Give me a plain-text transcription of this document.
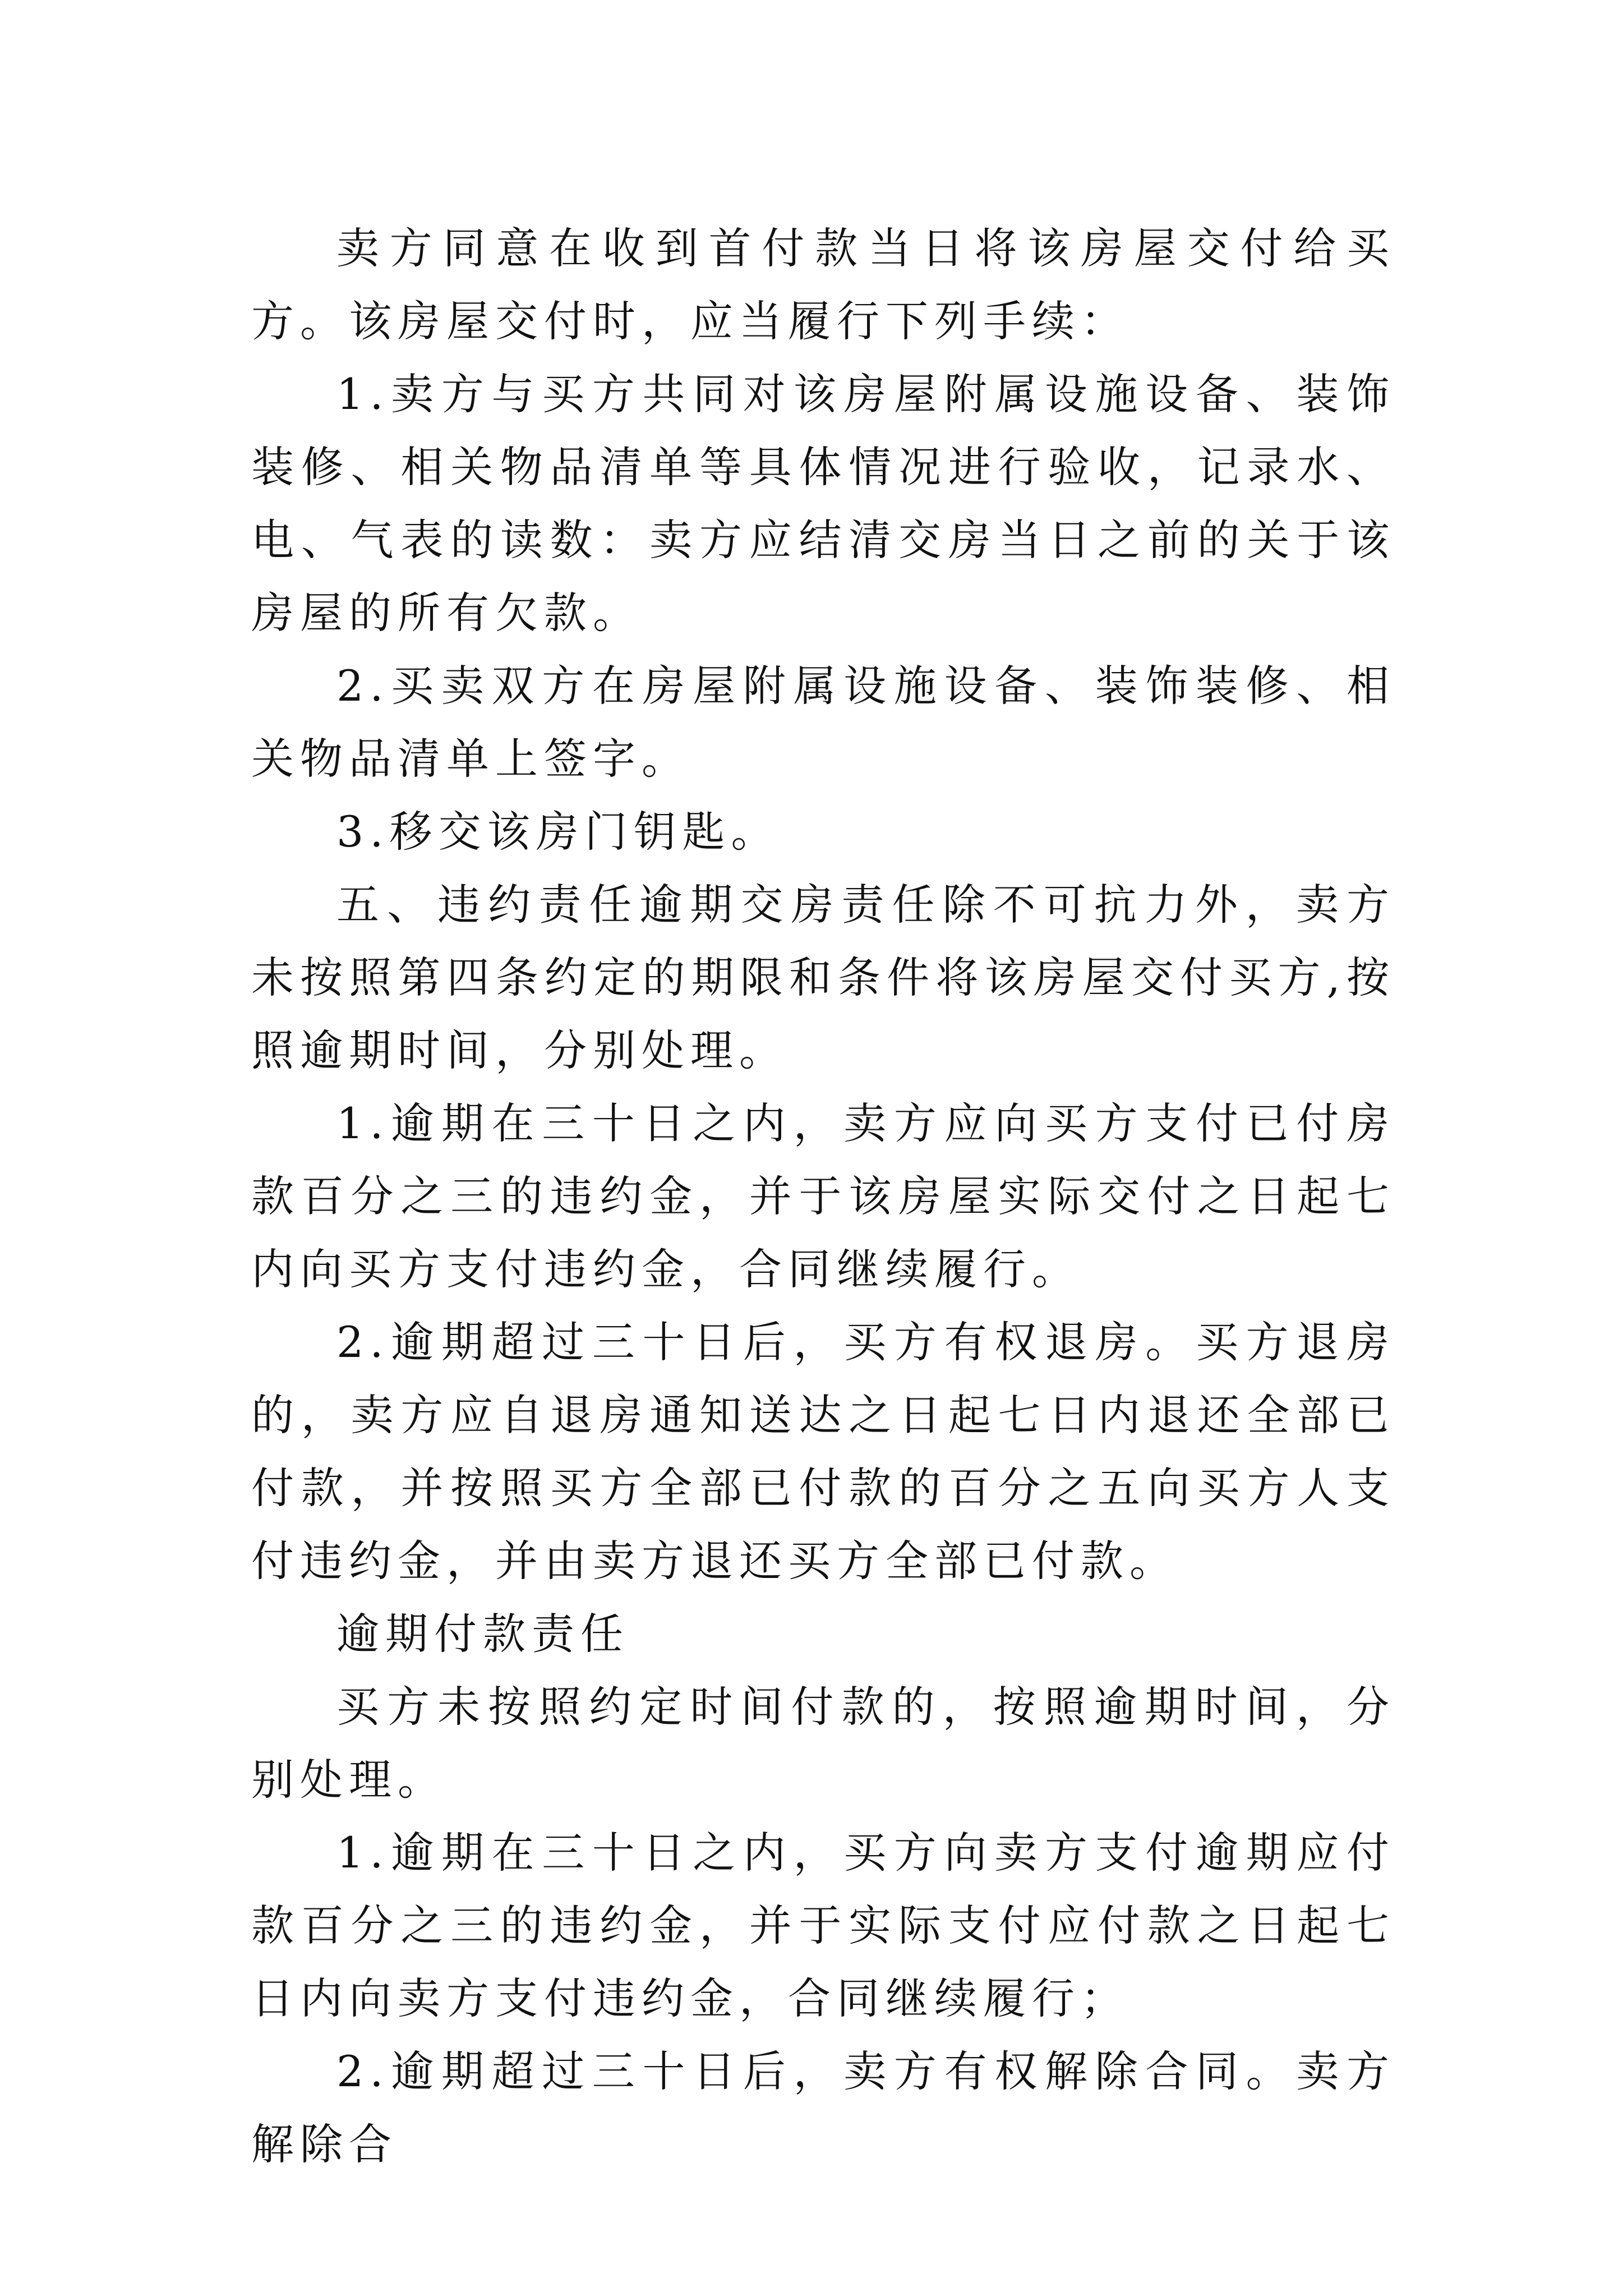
卖方同意在收到首付款当日将该房屋交付给买方。该房屋交付时，应当履行下列手续：

1.卖方与买方共同对该房屋附属设施设备、装饰装修、相关物品清单等具体情况进行验收，记录水、电、气表的读数：卖方应结清交房当日之前的关于该房屋的所有欠款。

2.买卖双方在房屋附属设施设备、装饰装修、相关物品清单上签字。

3.移交该房门钥匙。

五、违约责任逾期交房责任除不可抗力外，卖方未按照第四条约定的期限和条件将该房屋交付买方,按照逾期时间，分别处理。

1.逾期在三十日之内，卖方应向买方支付已付房款百分之三的违约金，并于该房屋实际交付之日起七内向买方支付违约金，合同继续履行。

2.逾期超过三十日后，买方有权退房。买方退房的，卖方应自退房通知送达之日起七日内退还全部已付款，并按照买方全部已付款的百分之五向买方人支付违约金，并由卖方退还买方全部已付款。

逾期付款责任

买方未按照约定时间付款的，按照逾期时间，分别处理。

1.逾期在三十日之内，买方向卖方支付逾期应付款百分之三的违约金，并于实际支付应付款之日起七日内向卖方支付违约金，合同继续履行；

2.逾期超过三十日后，卖方有权解除合同。卖方解除合
